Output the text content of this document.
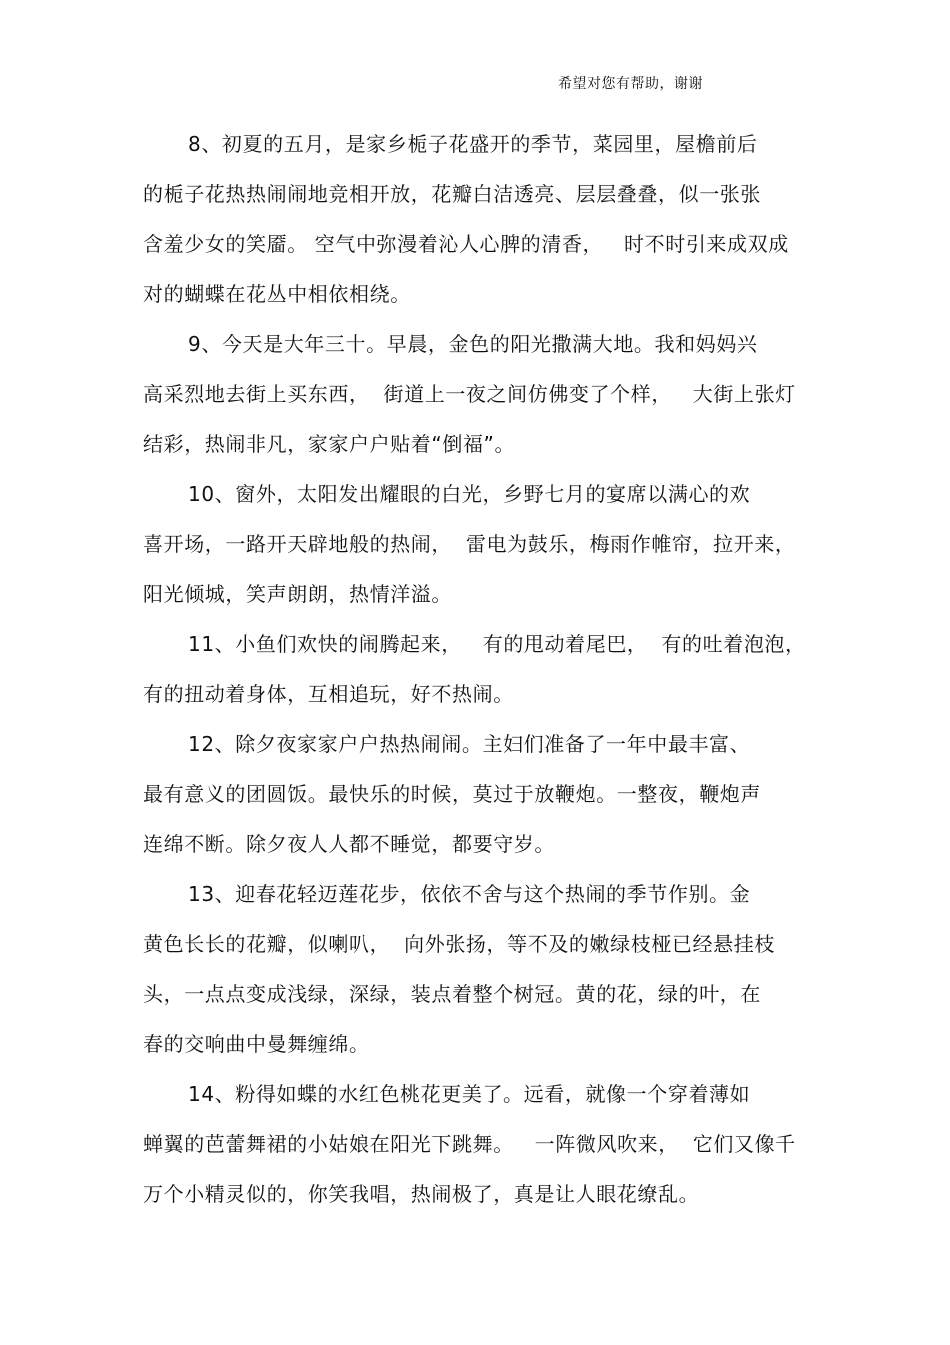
希望对您有帮助，谢谢
8、初夏的五月，是家乡栀子花盛开的季节，菜园里，屋檐前后
的栀子花热热闹闹地竞相开放，花瓣白洁透亮、层层叠叠，似一张张
含羞少女的笑靥。 空气中弥漫着沁人心脾的清香，   时不时引来成双成
对的蝴蝶在花丛中相依相绕。
9、今天是大年三十。早晨，金色的阳光撒满大地。我和妈妈兴
高采烈地去街上买东西，  街道上一夜之间仿佛变了个样，   大街上张灯
结彩，热闹非凡，家家户户贴着“倒福”。
10、窗外，太阳发出耀眼的白光，乡野七月的宴席以满心的欢
喜开场，一路开天辟地般的热闹，  雷电为鼓乐，梅雨作帷帘，拉开来，
阳光倾城，笑声朗朗，热情洋溢。
11、小鱼们欢快的闹腾起来，   有的甩动着尾巴，  有的吐着泡泡，
有的扭动着身体，互相追玩，好不热闹。
12、除夕夜家家户户热热闹闹。主妇们准备了一年中最丰富、
最有意义的团圆饭。最快乐的时候，莫过于放鞭炮。一整夜，鞭炮声
连绵不断。除夕夜人人都不睡觉，都要守岁。
13、迎春花轻迈莲花步，依依不舍与这个热闹的季节作别。金
黄色长长的花瓣，似喇叭，  向外张扬，等不及的嫩绿枝桠已经悬挂枝
头，一点点变成浅绿，深绿，装点着整个树冠。黄的花，绿的叶，在
春的交响曲中曼舞缠绵。
14、粉得如蝶的水红色桃花更美了。远看，就像一个穿着薄如
蝉翼的芭蕾舞裙的小姑娘在阳光下跳舞。   一阵微风吹来，  它们又像千
万个小精灵似的，你笑我唱，热闹极了，真是让人眼花缭乱。
